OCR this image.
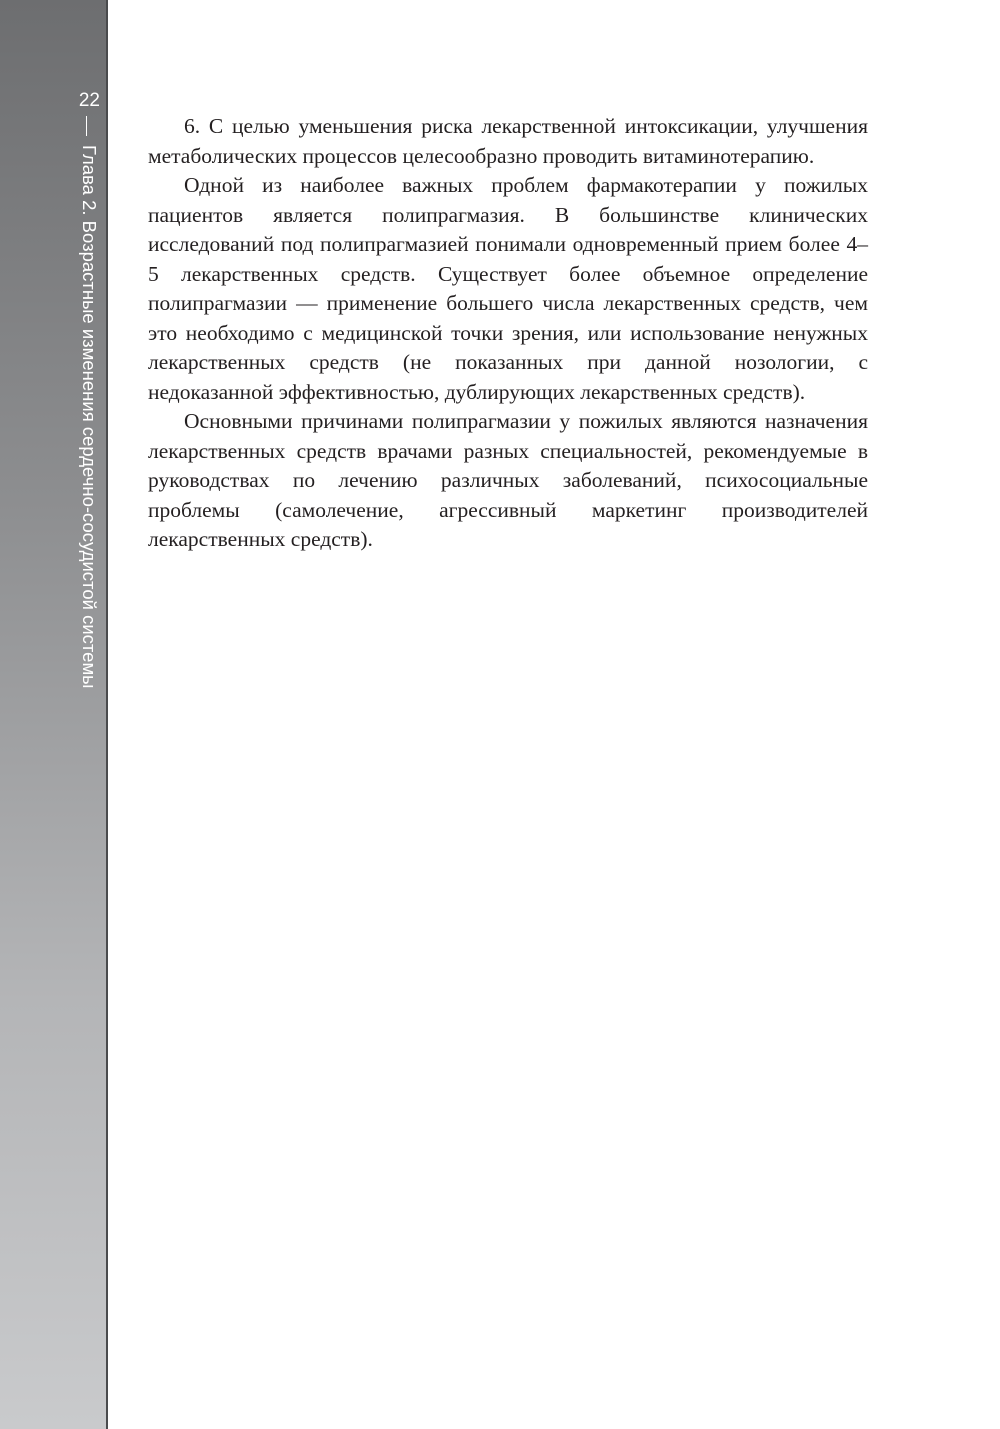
22
Глава 2. Возрастные изменения сердечно-сосудистой системы

6. С целью уменьшения риска лекарственной интоксикации, улучшения метаболических процессов целесообразно проводить витаминотерапию.

Одной из наиболее важных проблем фармакотерапии у пожилых пациентов является полипрагмазия. В большинстве клинических исследований под полипрагмазией понимали одновременный прием более 4–5 лекарственных средств. Существует более объемное определение полипрагмазии — применение большего числа лекарственных средств, чем это необходимо с медицинской точки зрения, или использование ненужных лекарственных средств (не показанных при данной нозологии, с недоказанной эффективностью, дублирующих лекарственных средств).

Основными причинами полипрагмазии у пожилых являются назначения лекарственных средств врачами разных специальностей, рекомендуемые в руководствах по лечению различных заболеваний, психосоциальные проблемы (самолечение, агрессивный маркетинг производителей лекарственных средств).
